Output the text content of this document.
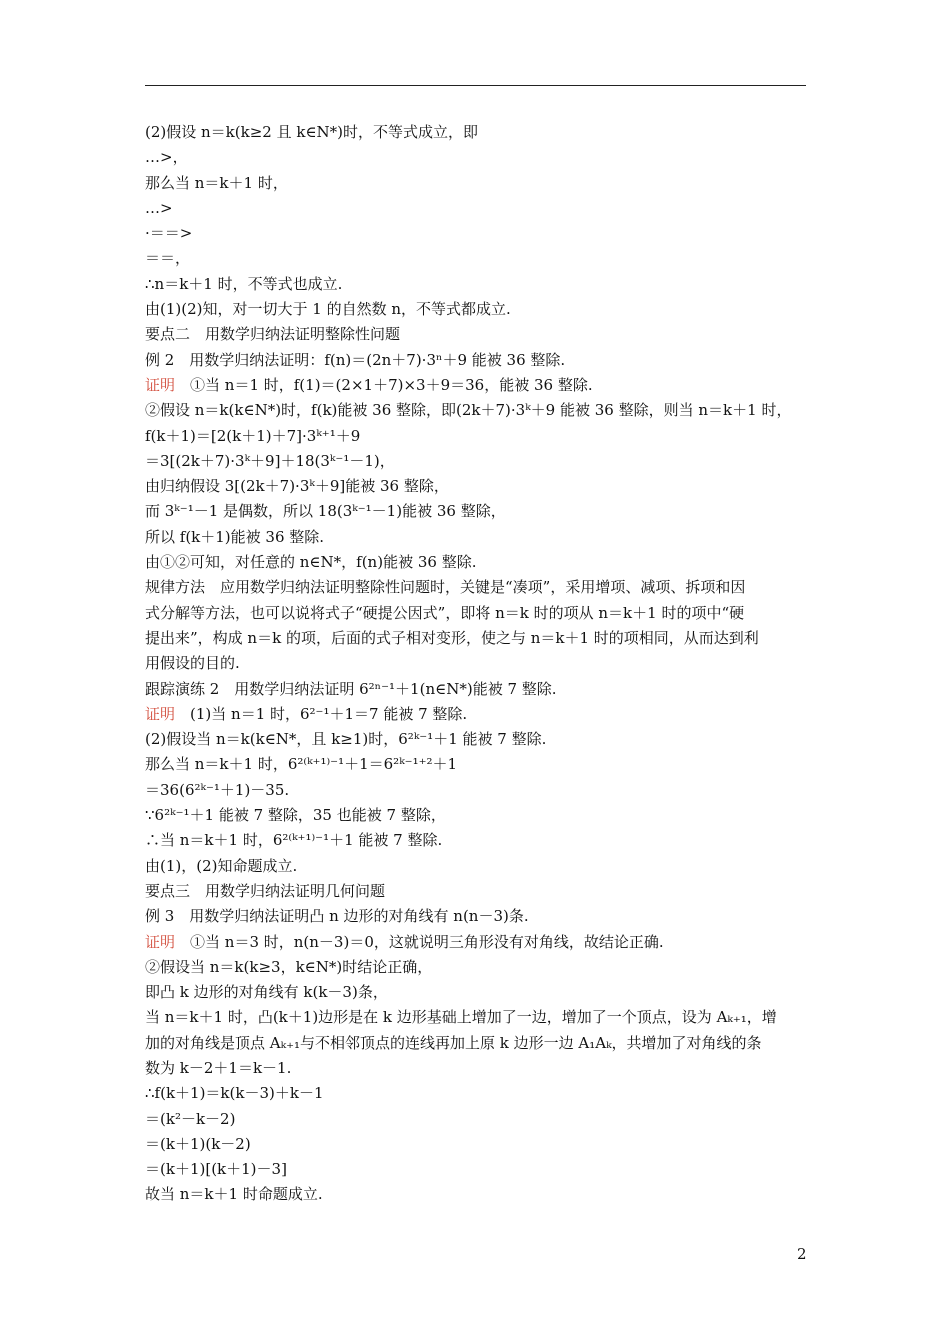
(2)假设 n＝k(k≥2 且 k∈N*)时，不等式成立，即
…>，
那么当 n＝k＋1 时，
…>
·＝＝>
＝＝，
∴n＝k＋1 时，不等式也成立.
由(1)(2)知，对一切大于 1 的自然数 n，不等式都成立.
要点二　用数学归纳法证明整除性问题
例 2　用数学归纳法证明：f(n)＝(2n＋7)·3ⁿ＋9 能被 36 整除.
证明　①当 n＝1 时，f(1)＝(2×1＋7)×3＋9＝36，能被 36 整除.
②假设 n＝k(k∈N*)时，f(k)能被 36 整除，即(2k＋7)·3ᵏ＋9 能被 36 整除，则当 n＝k＋1 时，
f(k＋1)＝[2(k＋1)＋7]·3ᵏ⁺¹＋9
＝3[(2k＋7)·3ᵏ＋9]＋18(3ᵏ⁻¹－1)，
由归纳假设 3[(2k＋7)·3ᵏ＋9]能被 36 整除，
而 3ᵏ⁻¹－1 是偶数，所以 18(3ᵏ⁻¹－1)能被 36 整除，
所以 f(k＋1)能被 36 整除.
由①②可知，对任意的 n∈N*，f(n)能被 36 整除.
规律方法　应用数学归纳法证明整除性问题时，关键是“凑项”，采用增项、减项、拆项和因
式分解等方法，也可以说将式子“硬提公因式”，即将 n＝k 时的项从 n＝k＋1 时的项中“硬
提出来”，构成 n＝k 的项，后面的式子相对变形，使之与 n＝k＋1 时的项相同，从而达到利
用假设的目的.
跟踪演练 2　用数学归纳法证明 6²ⁿ⁻¹＋1(n∈N*)能被 7 整除.
证明　(1)当 n＝1 时，6²⁻¹＋1＝7 能被 7 整除.
(2)假设当 n＝k(k∈N*，且 k≥1)时，6²ᵏ⁻¹＋1 能被 7 整除.
那么当 n＝k＋1 时，6²⁽ᵏ⁺¹⁾⁻¹＋1＝6²ᵏ⁻¹⁺²＋1
＝36(6²ᵏ⁻¹＋1)－35.
∵6²ᵏ⁻¹＋1 能被 7 整除，35 也能被 7 整除，
∴当 n＝k＋1 时，6²⁽ᵏ⁺¹⁾⁻¹＋1 能被 7 整除.
由(1)，(2)知命题成立.
要点三　用数学归纳法证明几何问题
例 3　用数学归纳法证明凸 n 边形的对角线有 n(n－3)条.
证明　①当 n＝3 时，n(n－3)＝0，这就说明三角形没有对角线，故结论正确.
②假设当 n＝k(k≥3，k∈N*)时结论正确，
即凸 k 边形的对角线有 k(k－3)条，
当 n＝k＋1 时，凸(k＋1)边形是在 k 边形基础上增加了一边，增加了一个顶点，设为 Aₖ₊₁，增
加的对角线是顶点 Aₖ₊₁与不相邻顶点的连线再加上原 k 边形一边 A₁Aₖ，共增加了对角线的条
数为 k－2＋1＝k－1.
∴f(k＋1)＝k(k－3)＋k－1
＝(k²－k－2)
＝(k＋1)(k－2)
＝(k＋1)[(k＋1)－3]
故当 n＝k＋1 时命题成立.
2
